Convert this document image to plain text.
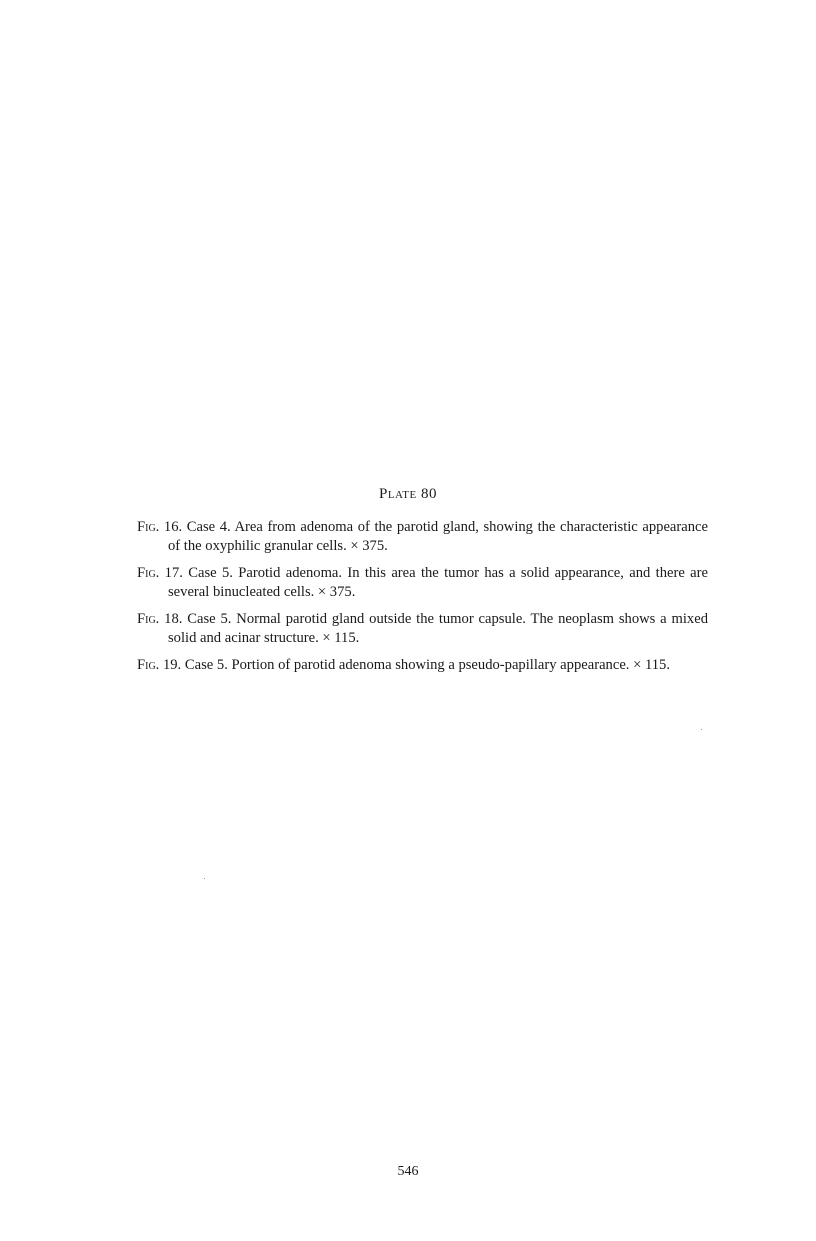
Plate 80

Fig. 16. Case 4. Area from adenoma of the parotid gland, showing the characteristic appearance of the oxyphilic granular cells. × 375.

Fig. 17. Case 5. Parotid adenoma. In this area the tumor has a solid appearance, and there are several binucleated cells. × 375.

Fig. 18. Case 5. Normal parotid gland outside the tumor capsule. The neoplasm shows a mixed solid and acinar structure. × 115.

Fig. 19. Case 5. Portion of parotid adenoma showing a pseudo-papillary appearance. × 115.

546
